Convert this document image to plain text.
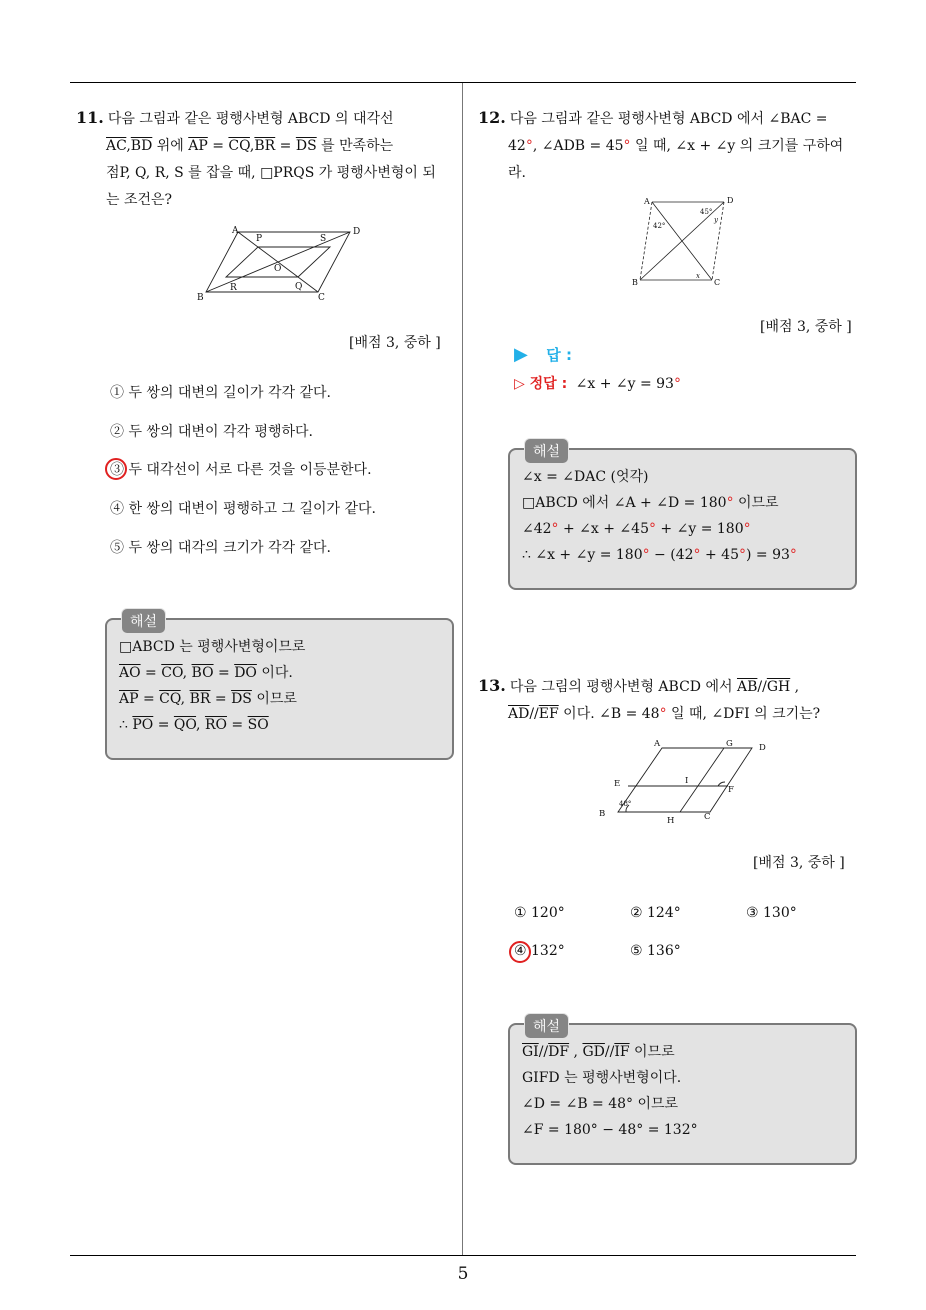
11. 다음 그림과 같은 평행사변형 ABCD 의 대각선
$\overline{AC},\overline{BD}$ 위에 $\overline{AP} = \overline{CQ},\overline{BR} = \overline{DS}$ 를 만족하는
점P, Q, R, S 를 잡을 때, □PRQS 가 평행사변형이 되
는 조건은?
A
P	S
D
O
B
R	Q
C
[배점 3, 중하 ]
① 두 쌍의 대변의 길이가 각각 같다.
② 두 쌍의 대변이 각각 평행하다.
③ 두 대각선이 서로 다른 것을 이등분한다.
④ 한 쌍의 대변이 평행하고 그 길이가 같다.
⑤ 두 쌍의 대각의 크기가 각각 같다.
해설
□ABCD 는 평행사변형이므로
$\overline{AO} = \overline{CO}$, $\overline{BO} = \overline{DO}$ 이다.
$\overline{AP} = \overline{CQ}$, $\overline{BR} = \overline{DS}$ 이므로
∴ $\overline{PO} = \overline{QO}$, $\overline{RO} = \overline{SO}$
12. 다음 그림과 같은 평행사변형 ABCD 에서 ∠BAC =
42°, ∠ADB = 45° 일 때, ∠x + ∠y 의 크기를 구하여
라.
A	D
B	C
42°
45°
y
x
[배점 3, 중하 ]
▶ 답 :
▷ 정답 : ∠x + ∠y = 93°
해설
∠x = ∠DAC (엇각)
□ABCD 에서 ∠A + ∠D = 180° 이므로
∠42° + ∠x + ∠45° + ∠y = 180°
∴ ∠x + ∠y = 180° − (42° + 45°) = 93°
13. 다음 그림의 평행사변형 ABCD 에서 $\overline{AB}//\overline{GH}$ ,
$\overline{AD}//\overline{EF}$ 이다. ∠B = 48° 일 때, ∠DFI 의 크기는?
A	G	D
E	I
F
B
H	C
48°
[배점 3, 중하 ]
① 120°	② 124°	③ 130°
④ 132°	⑤ 136°
해설
$\overline{GI}//\overline{DF}$ , $\overline{GD}//\overline{IF}$ 이므로
GIFD 는 평행사변형이다.
∠D = ∠B = 48° 이므로
∠F = 180° − 48° = 132°
5
